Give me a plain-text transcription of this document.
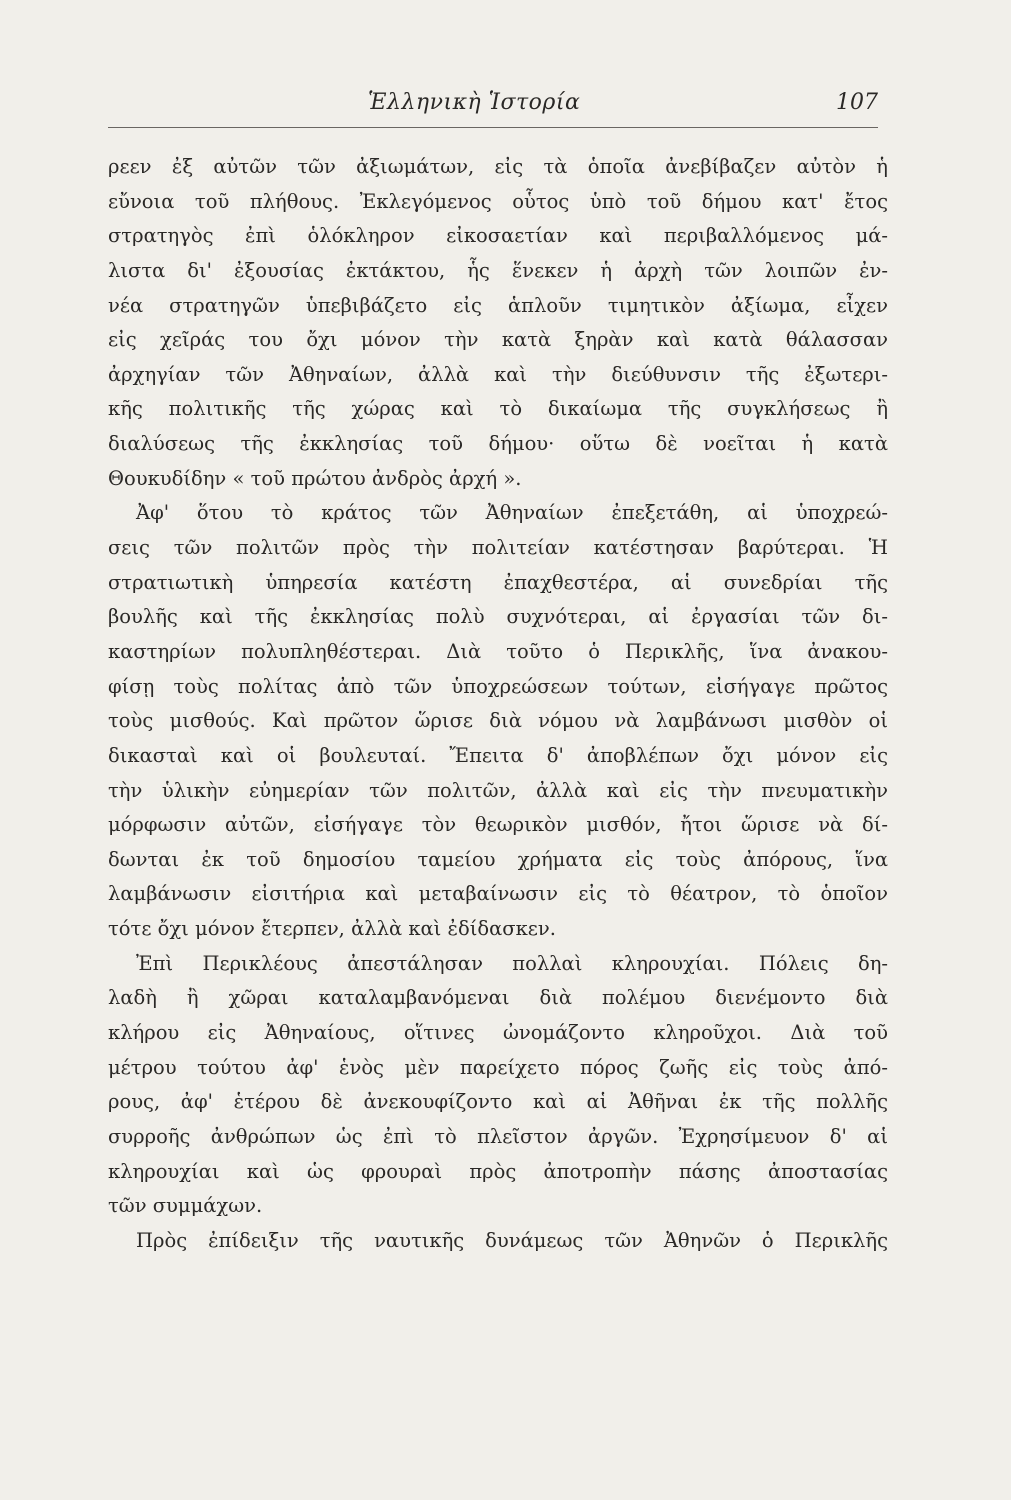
Ἑλληνικὴ Ἱστορία	107
ρεεν ἐξ αὐτῶν τῶν ἀξιωμάτων, εἰς τὰ ὁποῖα ἀνεβίβαζεν αὐτὸν ἡ
εὔνοια τοῦ πλήθους. Ἐκλεγόμενος οὗτος ὑπὸ τοῦ δήμου κατ' ἔτος
στρατηγὸς ἐπὶ ὁλόκληρον εἰκοσαετίαν καὶ περιβαλλόμενος μά-
λιστα δι' ἐξουσίας ἐκτάκτου, ἧς ἕνεκεν ἡ ἀρχὴ τῶν λοιπῶν ἐν-
νέα στρατηγῶν ὑπεβιβάζετο εἰς ἁπλοῦν τιμητικὸν ἀξίωμα, εἶχεν
εἰς χεῖράς του ὄχι μόνον τὴν κατὰ ξηρὰν καὶ κατὰ θάλασσαν
ἀρχηγίαν τῶν Ἀθηναίων, ἀλλὰ καὶ τὴν διεύθυνσιν τῆς ἐξωτερι-
κῆς πολιτικῆς τῆς χώρας καὶ τὸ δικαίωμα τῆς συγκλήσεως ἢ
διαλύσεως τῆς ἐκκλησίας τοῦ δήμου· οὕτω δὲ νοεῖται ἡ κατὰ
Θουκυδίδην « τοῦ πρώτου ἀνδρὸς ἀρχή ».
Ἀφ' ὅτου τὸ κράτος τῶν Ἀθηναίων ἐπεξετάθη, αἱ ὑποχρεώ-
σεις τῶν πολιτῶν πρὸς τὴν πολιτείαν κατέστησαν βαρύτεραι. Ἡ
στρατιωτικὴ ὑπηρεσία κατέστη ἐπαχθεστέρα, αἱ συνεδρίαι τῆς
βουλῆς καὶ τῆς ἐκκλησίας πολὺ συχνότεραι, αἱ ἐργασίαι τῶν δι-
καστηρίων πολυπληθέστεραι. Διὰ τοῦτο ὁ Περικλῆς, ἵνα ἀνακου-
φίσῃ τοὺς πολίτας ἀπὸ τῶν ὑποχρεώσεων τούτων, εἰσήγαγε πρῶτος
τοὺς μισθούς. Καὶ πρῶτον ὥρισε διὰ νόμου νὰ λαμβάνωσι μισθὸν οἱ
δικασταὶ καὶ οἱ βουλευταί. Ἔπειτα δ' ἀποβλέπων ὄχι μόνον εἰς
τὴν ὑλικὴν εὐημερίαν τῶν πολιτῶν, ἀλλὰ καὶ εἰς τὴν πνευματικὴν
μόρφωσιν αὐτῶν, εἰσήγαγε τὸν θεωρικὸν μισθόν, ἤτοι ὥρισε νὰ δί-
δωνται ἐκ τοῦ δημοσίου ταμείου χρήματα εἰς τοὺς ἀπόρους, ἵνα
λαμβάνωσιν εἰσιτήρια καὶ μεταβαίνωσιν εἰς τὸ θέατρον, τὸ ὁποῖον
τότε ὄχι μόνον ἔτερπεν, ἀλλὰ καὶ ἐδίδασκεν.
Ἐπὶ Περικλέους ἀπεστάλησαν πολλαὶ κληρουχίαι. Πόλεις δη-
λαδὴ ἢ χῶραι καταλαμβανόμεναι διὰ πολέμου διενέμοντο διὰ
κλήρου εἰς Ἀθηναίους, οἵτινες ὠνομάζοντο κληροῦχοι. Διὰ τοῦ
μέτρου τούτου ἀφ' ἑνὸς μὲν παρείχετο πόρος ζωῆς εἰς τοὺς ἀπό-
ρους, ἀφ' ἑτέρου δὲ ἀνεκουφίζοντο καὶ αἱ Ἀθῆναι ἐκ τῆς πολλῆς
συρροῆς ἀνθρώπων ὡς ἐπὶ τὸ πλεῖστον ἀργῶν. Ἐχρησίμευον δ' αἱ
κληρουχίαι καὶ ὡς φρουραὶ πρὸς ἀποτροπὴν πάσης ἀποστασίας
τῶν συμμάχων.
Πρὸς ἐπίδειξιν τῆς ναυτικῆς δυνάμεως τῶν Ἀθηνῶν ὁ Περικλῆς
